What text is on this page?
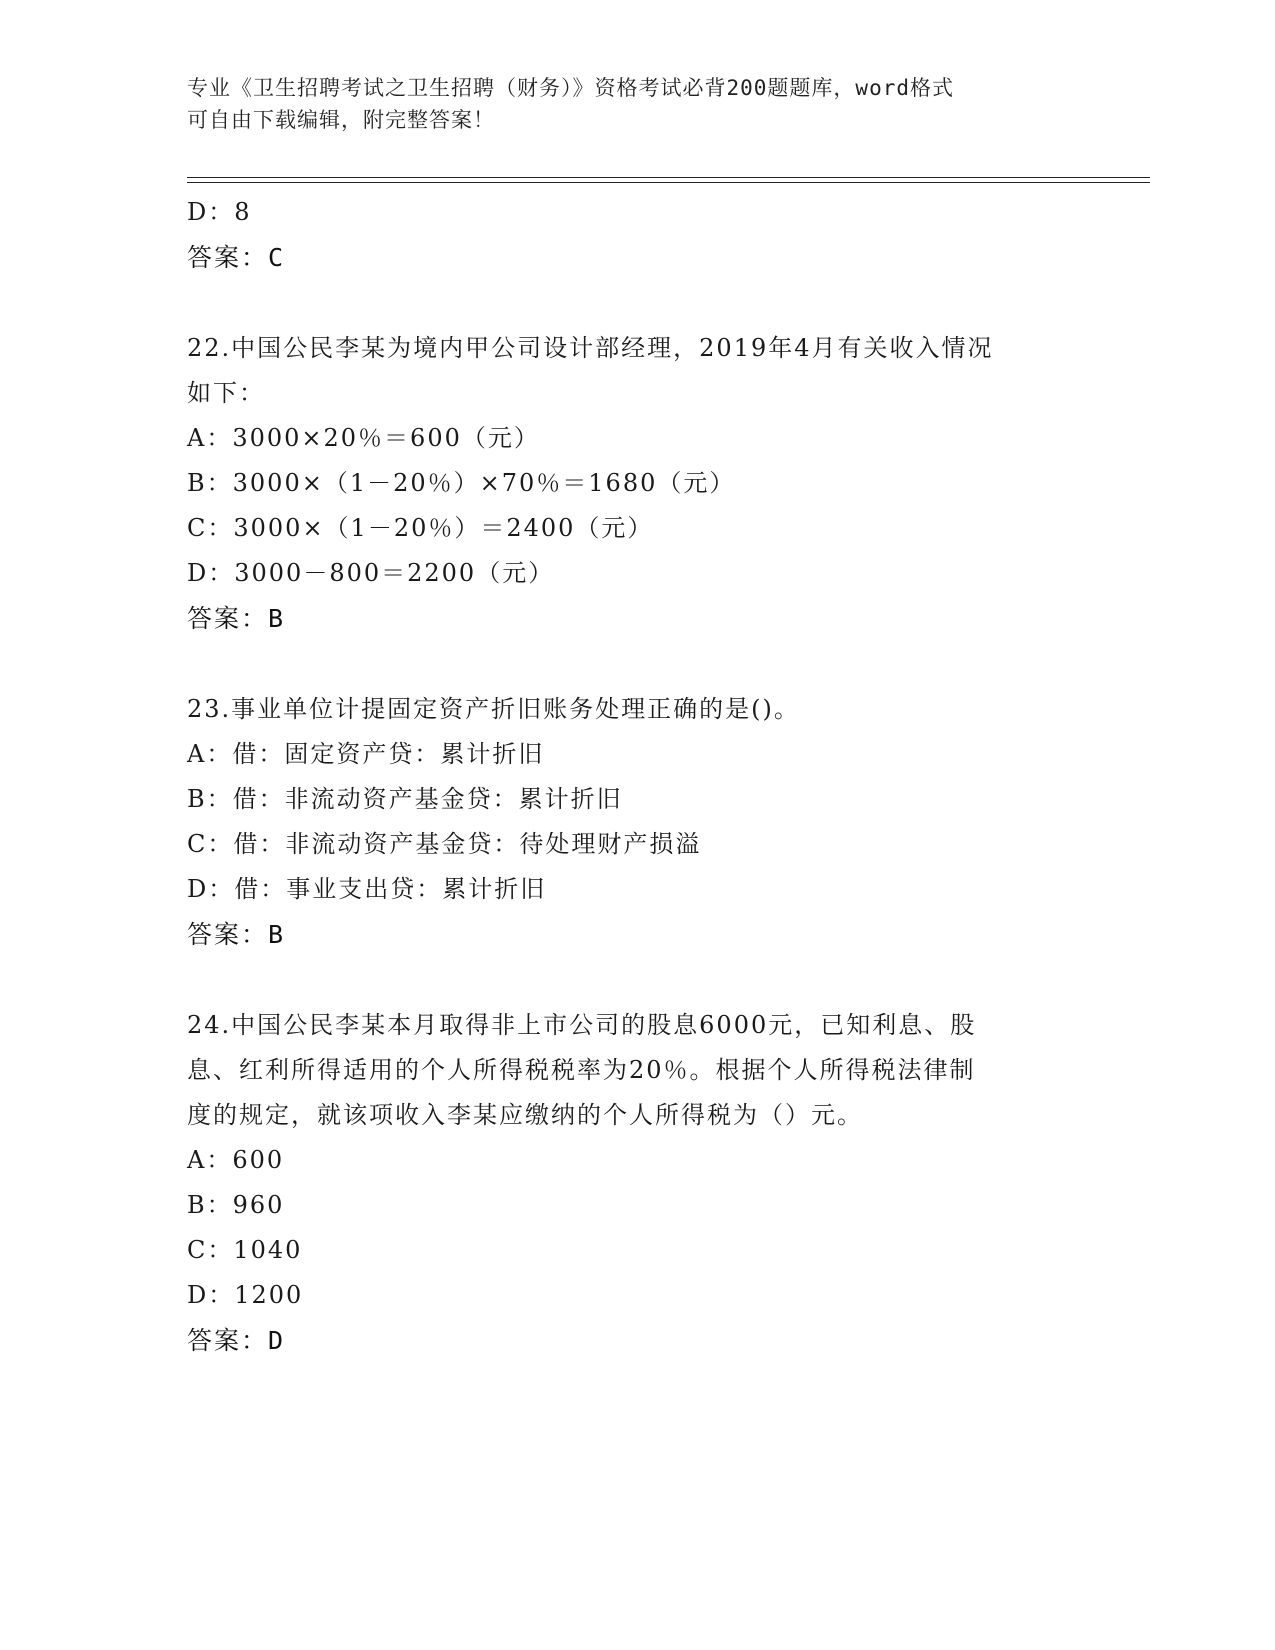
专业《卫生招聘考试之卫生招聘（财务）》资格考试必背200题题库，word格式
可自由下载编辑，附完整答案！
D：8
答案：C
22.中国公民李某为境内甲公司设计部经理，2019年4月有关收入情况
如下：
A：3000×20％＝600（元）
B：3000×（1－20％）×70％＝1680（元）
C：3000×（1－20％）＝2400（元）
D：3000－800＝2200（元）
答案：B
23.事业单位计提固定资产折旧账务处理正确的是()。
A：借：固定资产贷：累计折旧
B：借：非流动资产基金贷：累计折旧
C：借：非流动资产基金贷：待处理财产损溢
D：借：事业支出贷：累计折旧
答案：B
24.中国公民李某本月取得非上市公司的股息6000元，已知利息、股
息、红利所得适用的个人所得税税率为20％。根据个人所得税法律制
度的规定，就该项收入李某应缴纳的个人所得税为（）元。
A：600
B：960
C：1040
D：1200
答案：D
